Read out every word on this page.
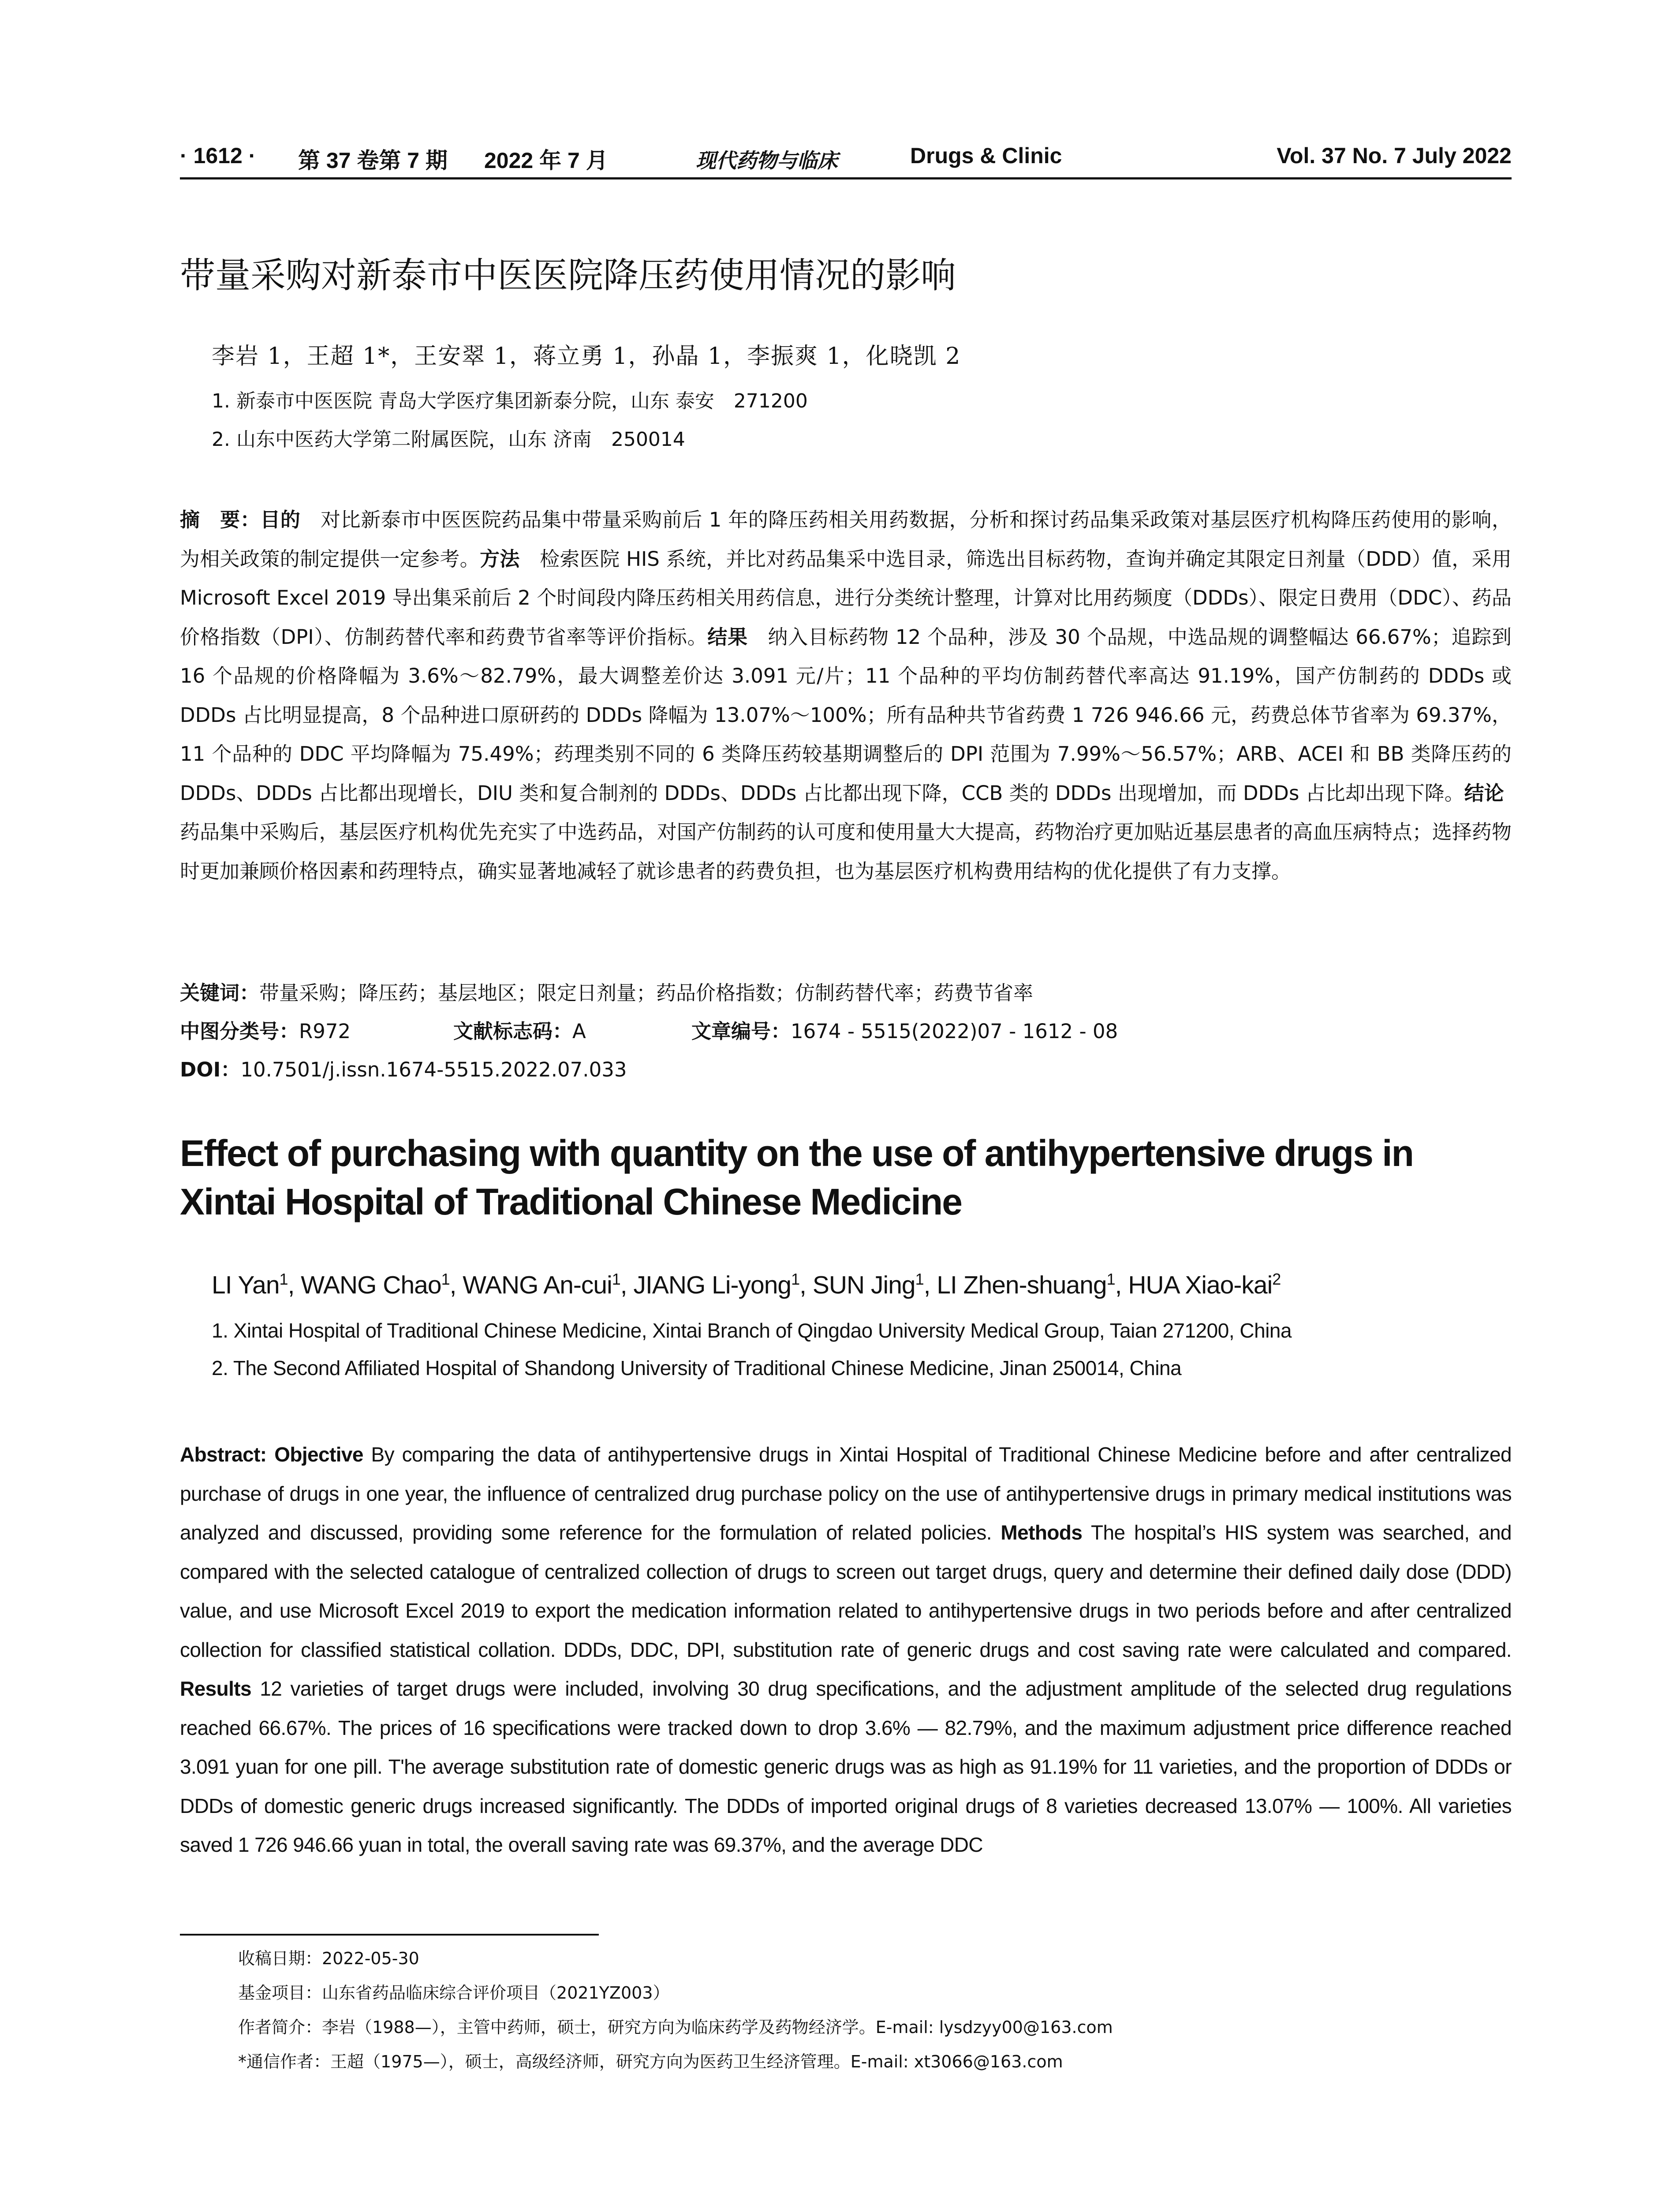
· 1612 · 第 37 卷第 7 期 2022 年 7 月	现代药物与临床	Drugs & Clinic	Vol. 37 No. 7 July 2022
带量采购对新泰市中医医院降压药使用情况的影响
李岩 1，王超 1*，王安翠 1，蒋立勇 1，孙晶 1，李振爽 1，化晓凯 2
1. 新泰市中医医院 青岛大学医疗集团新泰分院，山东 泰安　271200
2. 山东中医药大学第二附属医院，山东 济南　250014
摘　要：目的　对比新泰市中医医院药品集中带量采购前后 1 年的降压药相关用药数据，分析和探讨药品集采政策对基层医疗机构降压药使用的影响，为相关政策的制定提供一定参考。方法　检索医院 HIS 系统，并比对药品集采中选目录，筛选出目标药物，查询并确定其限定日剂量（DDD）值，采用 Microsoft Excel 2019 导出集采前后 2 个时间段内降压药相关用药信息，进行分类统计整理，计算对比用药频度（DDDs）、限定日费用（DDC）、药品价格指数（DPI）、仿制药替代率和药费节省率等评价指标。结果　纳入目标药物 12 个品种，涉及 30 个品规，中选品规的调整幅达 66.67%；追踪到 16 个品规的价格降幅为 3.6%～82.79%，最大调整差价达 3.091 元/片；11 个品种的平均仿制药替代率高达 91.19%，国产仿制药的 DDDs 或 DDDs 占比明显提高，8 个品种进口原研药的 DDDs 降幅为 13.07%～100%；所有品种共节省药费 1 726 946.66 元，药费总体节省率为 69.37%，11 个品种的 DDC 平均降幅为 75.49%；药理类别不同的 6 类降压药较基期调整后的 DPI 范围为 7.99%～56.57%；ARB、ACEI 和 BB 类降压药的 DDDs、DDDs 占比都出现增长，DIU 类和复合制剂的 DDDs、DDDs 占比都出现下降，CCB 类的 DDDs 出现增加，而 DDDs 占比却出现下降。结论　药品集中采购后，基层医疗机构优先充实了中选药品，对国产仿制药的认可度和使用量大大提高，药物治疗更加贴近基层患者的高血压病特点；选择药物时更加兼顾价格因素和药理特点，确实显著地减轻了就诊患者的药费负担，也为基层医疗机构费用结构的优化提供了有力支撑。
关键词：带量采购；降压药；基层地区；限定日剂量；药品价格指数；仿制药替代率；药费节省率
中图分类号：R972	文献标志码：A	文章编号：1674 - 5515(2022)07 - 1612 - 08
DOI：10.7501/j.issn.1674-5515.2022.07.033
Effect of purchasing with quantity on the use of antihypertensive drugs in Xintai Hospital of Traditional Chinese Medicine
LI Yan$^1$, WANG Chao$^1$, WANG An-cui$^1$, JIANG Li-yong$^1$, SUN Jing$^1$, LI Zhen-shuang$^1$, HUA Xiao-kai$^2$
1. Xintai Hospital of Traditional Chinese Medicine, Xintai Branch of Qingdao University Medical Group, Taian 271200, China
2. The Second Affiliated Hospital of Shandong University of Traditional Chinese Medicine, Jinan 250014, China
Abstract: Objective By comparing the data of antihypertensive drugs in Xintai Hospital of Traditional Chinese Medicine before and after centralized purchase of drugs in one year, the influence of centralized drug purchase policy on the use of antihypertensive drugs in primary medical institutions was analyzed and discussed, providing some reference for the formulation of related policies. Methods The hospital’s HIS system was searched, and compared with the selected catalogue of centralized collection of drugs to screen out target drugs, query and determine their defined daily dose (DDD) value, and use Microsoft Excel 2019 to export the medication information related to antihypertensive drugs in two periods before and after centralized collection for classified statistical collation. DDDs, DDC, DPI, substitution rate of generic drugs and cost saving rate were calculated and compared. Results 12 varieties of target drugs were included, involving 30 drug specifications, and the adjustment amplitude of the selected drug regulations reached 66.67%. The prices of 16 specifications were tracked down to drop 3.6% — 82.79%, and the maximum adjustment price difference reached 3.091 yuan for one pill. T'he average substitution rate of domestic generic drugs was as high as 91.19% for 11 varieties, and the proportion of DDDs or DDDs of domestic generic drugs increased significantly. The DDDs of imported original drugs of 8 varieties decreased 13.07% — 100%. All varieties saved 1 726 946.66 yuan in total, the overall saving rate was 69.37%, and the average DDC
收稿日期：2022-05-30
基金项目：山东省药品临床综合评价项目（2021YZ003）
作者简介：李岩（1988—），主管中药师，硕士，研究方向为临床药学及药物经济学。E-mail: lysdzyy00@163.com
*通信作者：王超（1975—），硕士，高级经济师，研究方向为医药卫生经济管理。E-mail: xt3066@163.com
